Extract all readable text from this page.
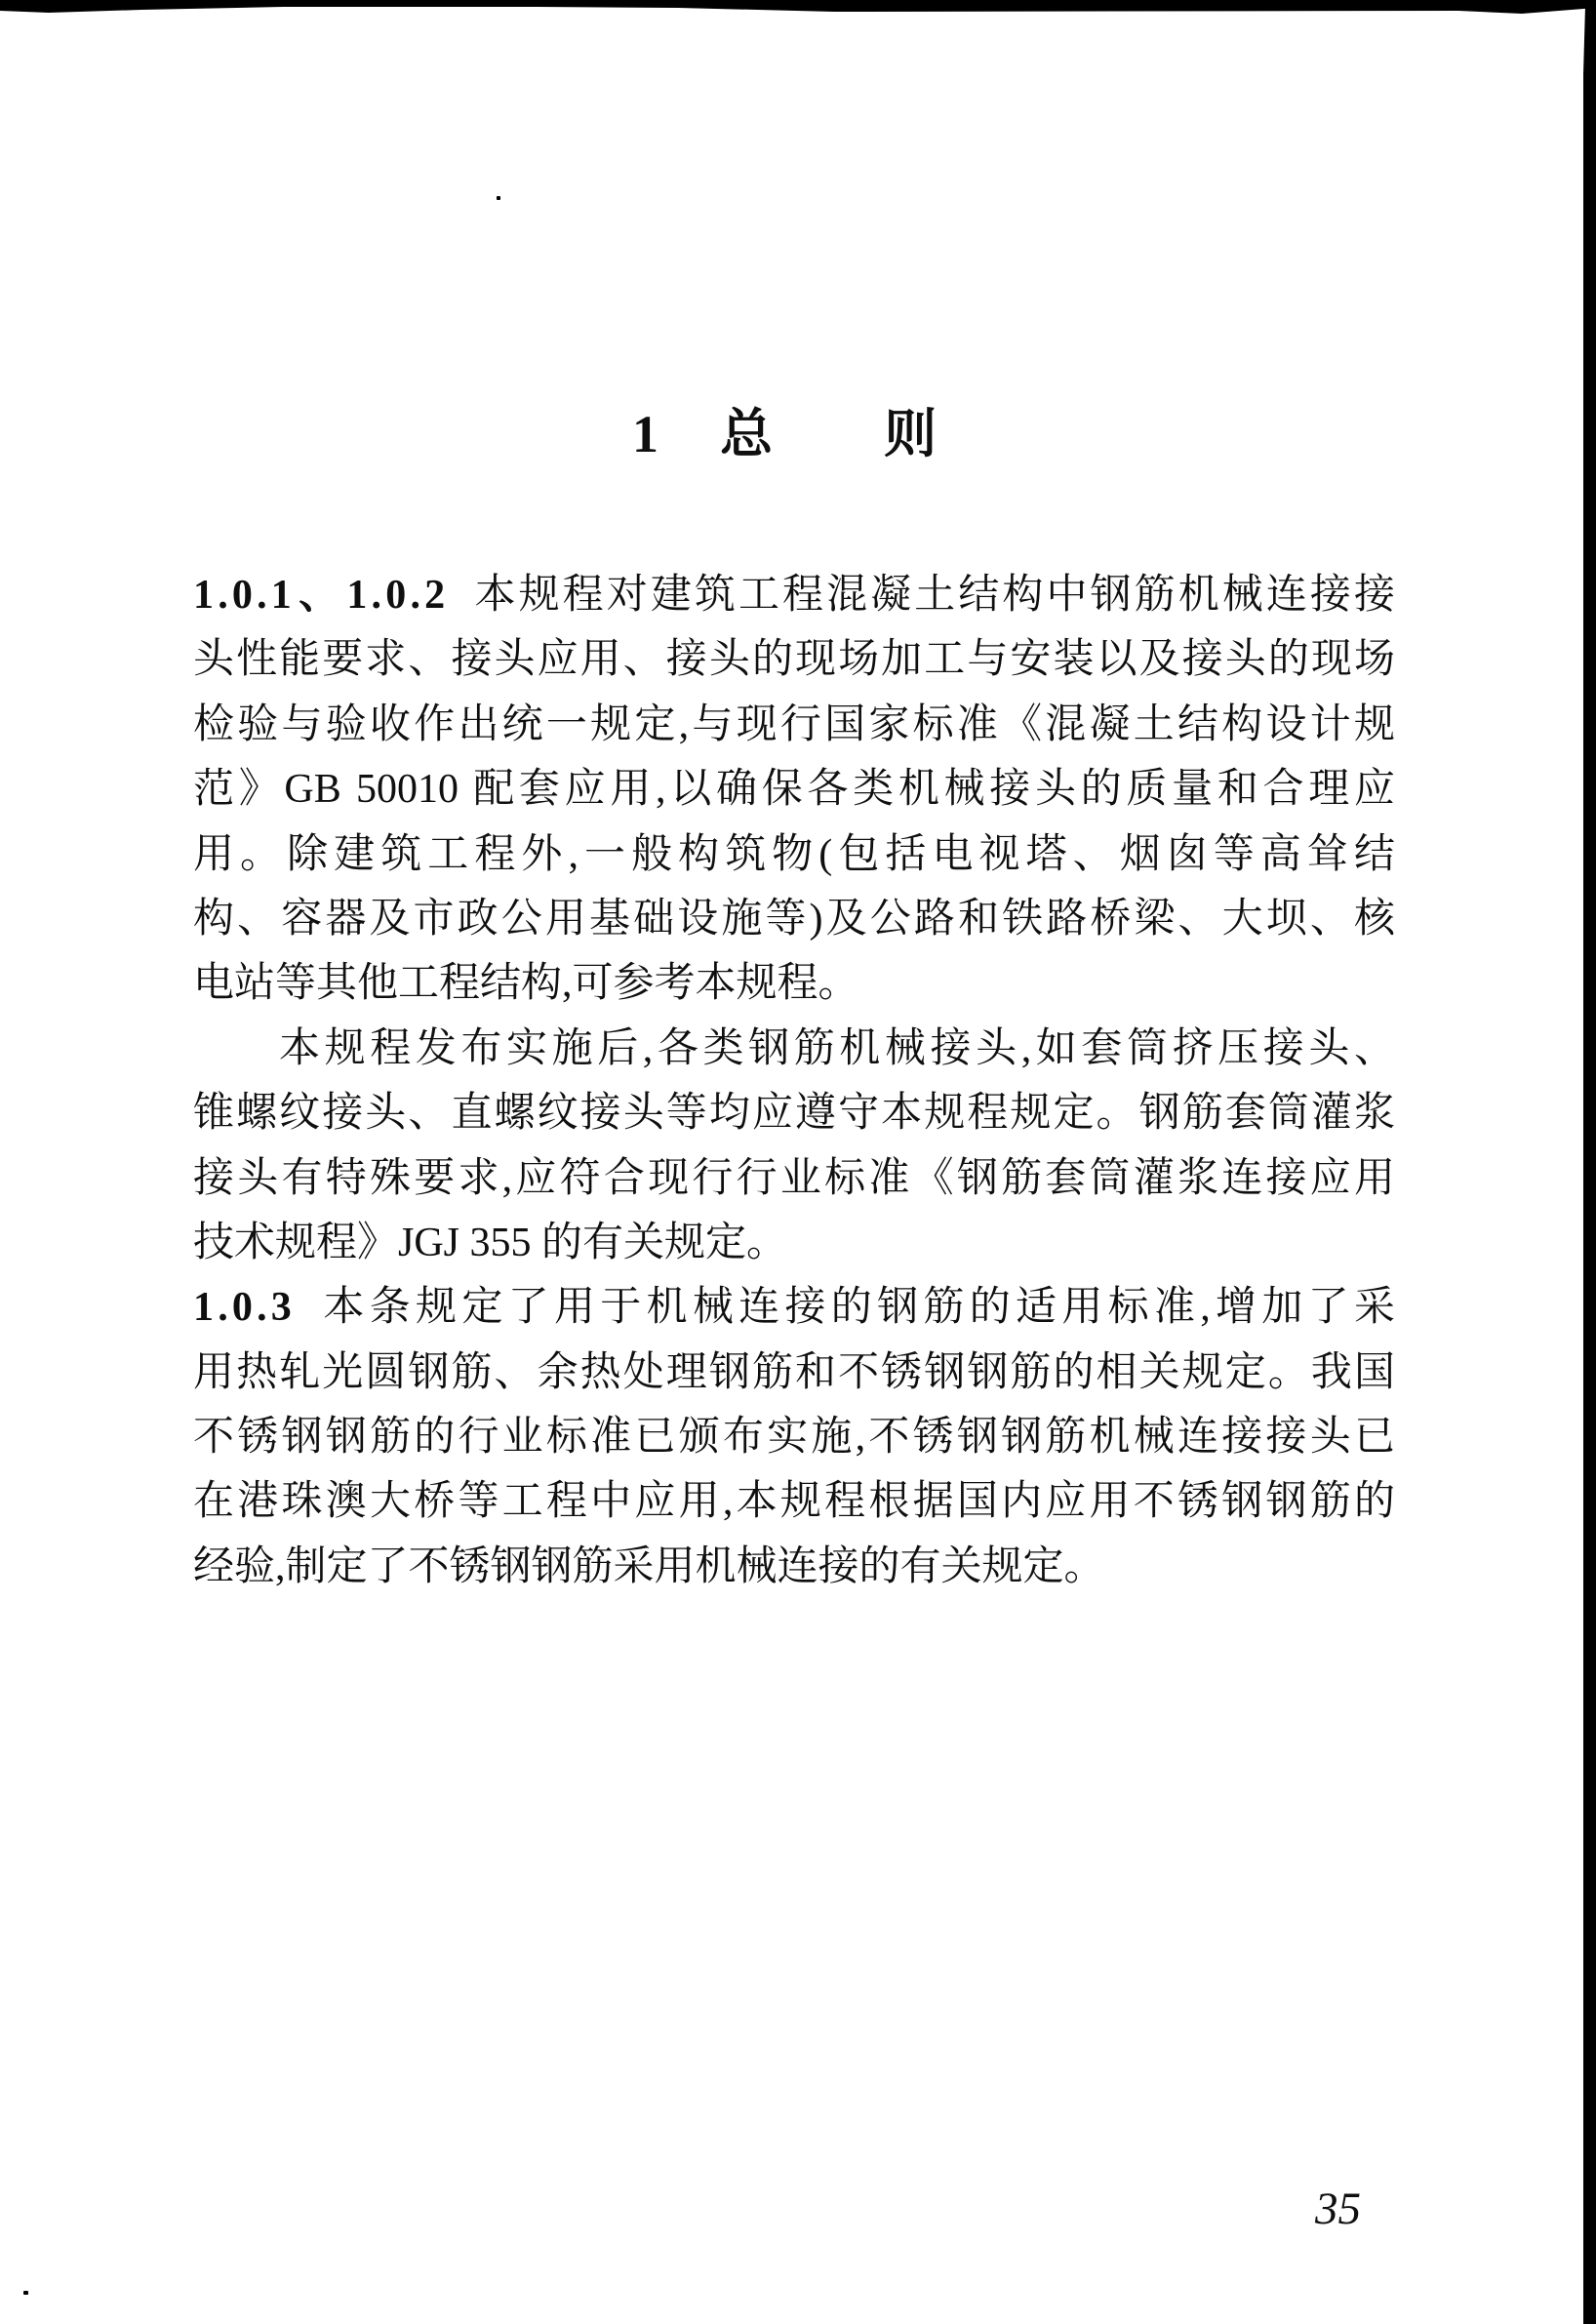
1 总 则
1.0.1、1.0.2 本规程对建筑工程混凝土结构中钢筋机械连接接
头性能要求、接头应用、接头的现场加工与安装以及接头的现场
检验与验收作出统一规定,与现行国家标准《混凝土结构设计规
范》GB 50010 配套应用,以确保各类机械接头的质量和合理应
用。除建筑工程外,一般构筑物(包括电视塔、烟囱等高耸结
构、容器及市政公用基础设施等)及公路和铁路桥梁、大坝、核
电站等其他工程结构,可参考本规程。
本规程发布实施后,各类钢筋机械接头,如套筒挤压接头、
锥螺纹接头、直螺纹接头等均应遵守本规程规定。钢筋套筒灌浆
接头有特殊要求,应符合现行行业标准《钢筋套筒灌浆连接应用
技术规程》JGJ 355 的有关规定。
1.0.3 本条规定了用于机械连接的钢筋的适用标准,增加了采
用热轧光圆钢筋、余热处理钢筋和不锈钢钢筋的相关规定。我国
不锈钢钢筋的行业标准已颁布实施,不锈钢钢筋机械连接接头已
在港珠澳大桥等工程中应用,本规程根据国内应用不锈钢钢筋的
经验,制定了不锈钢钢筋采用机械连接的有关规定。
35
